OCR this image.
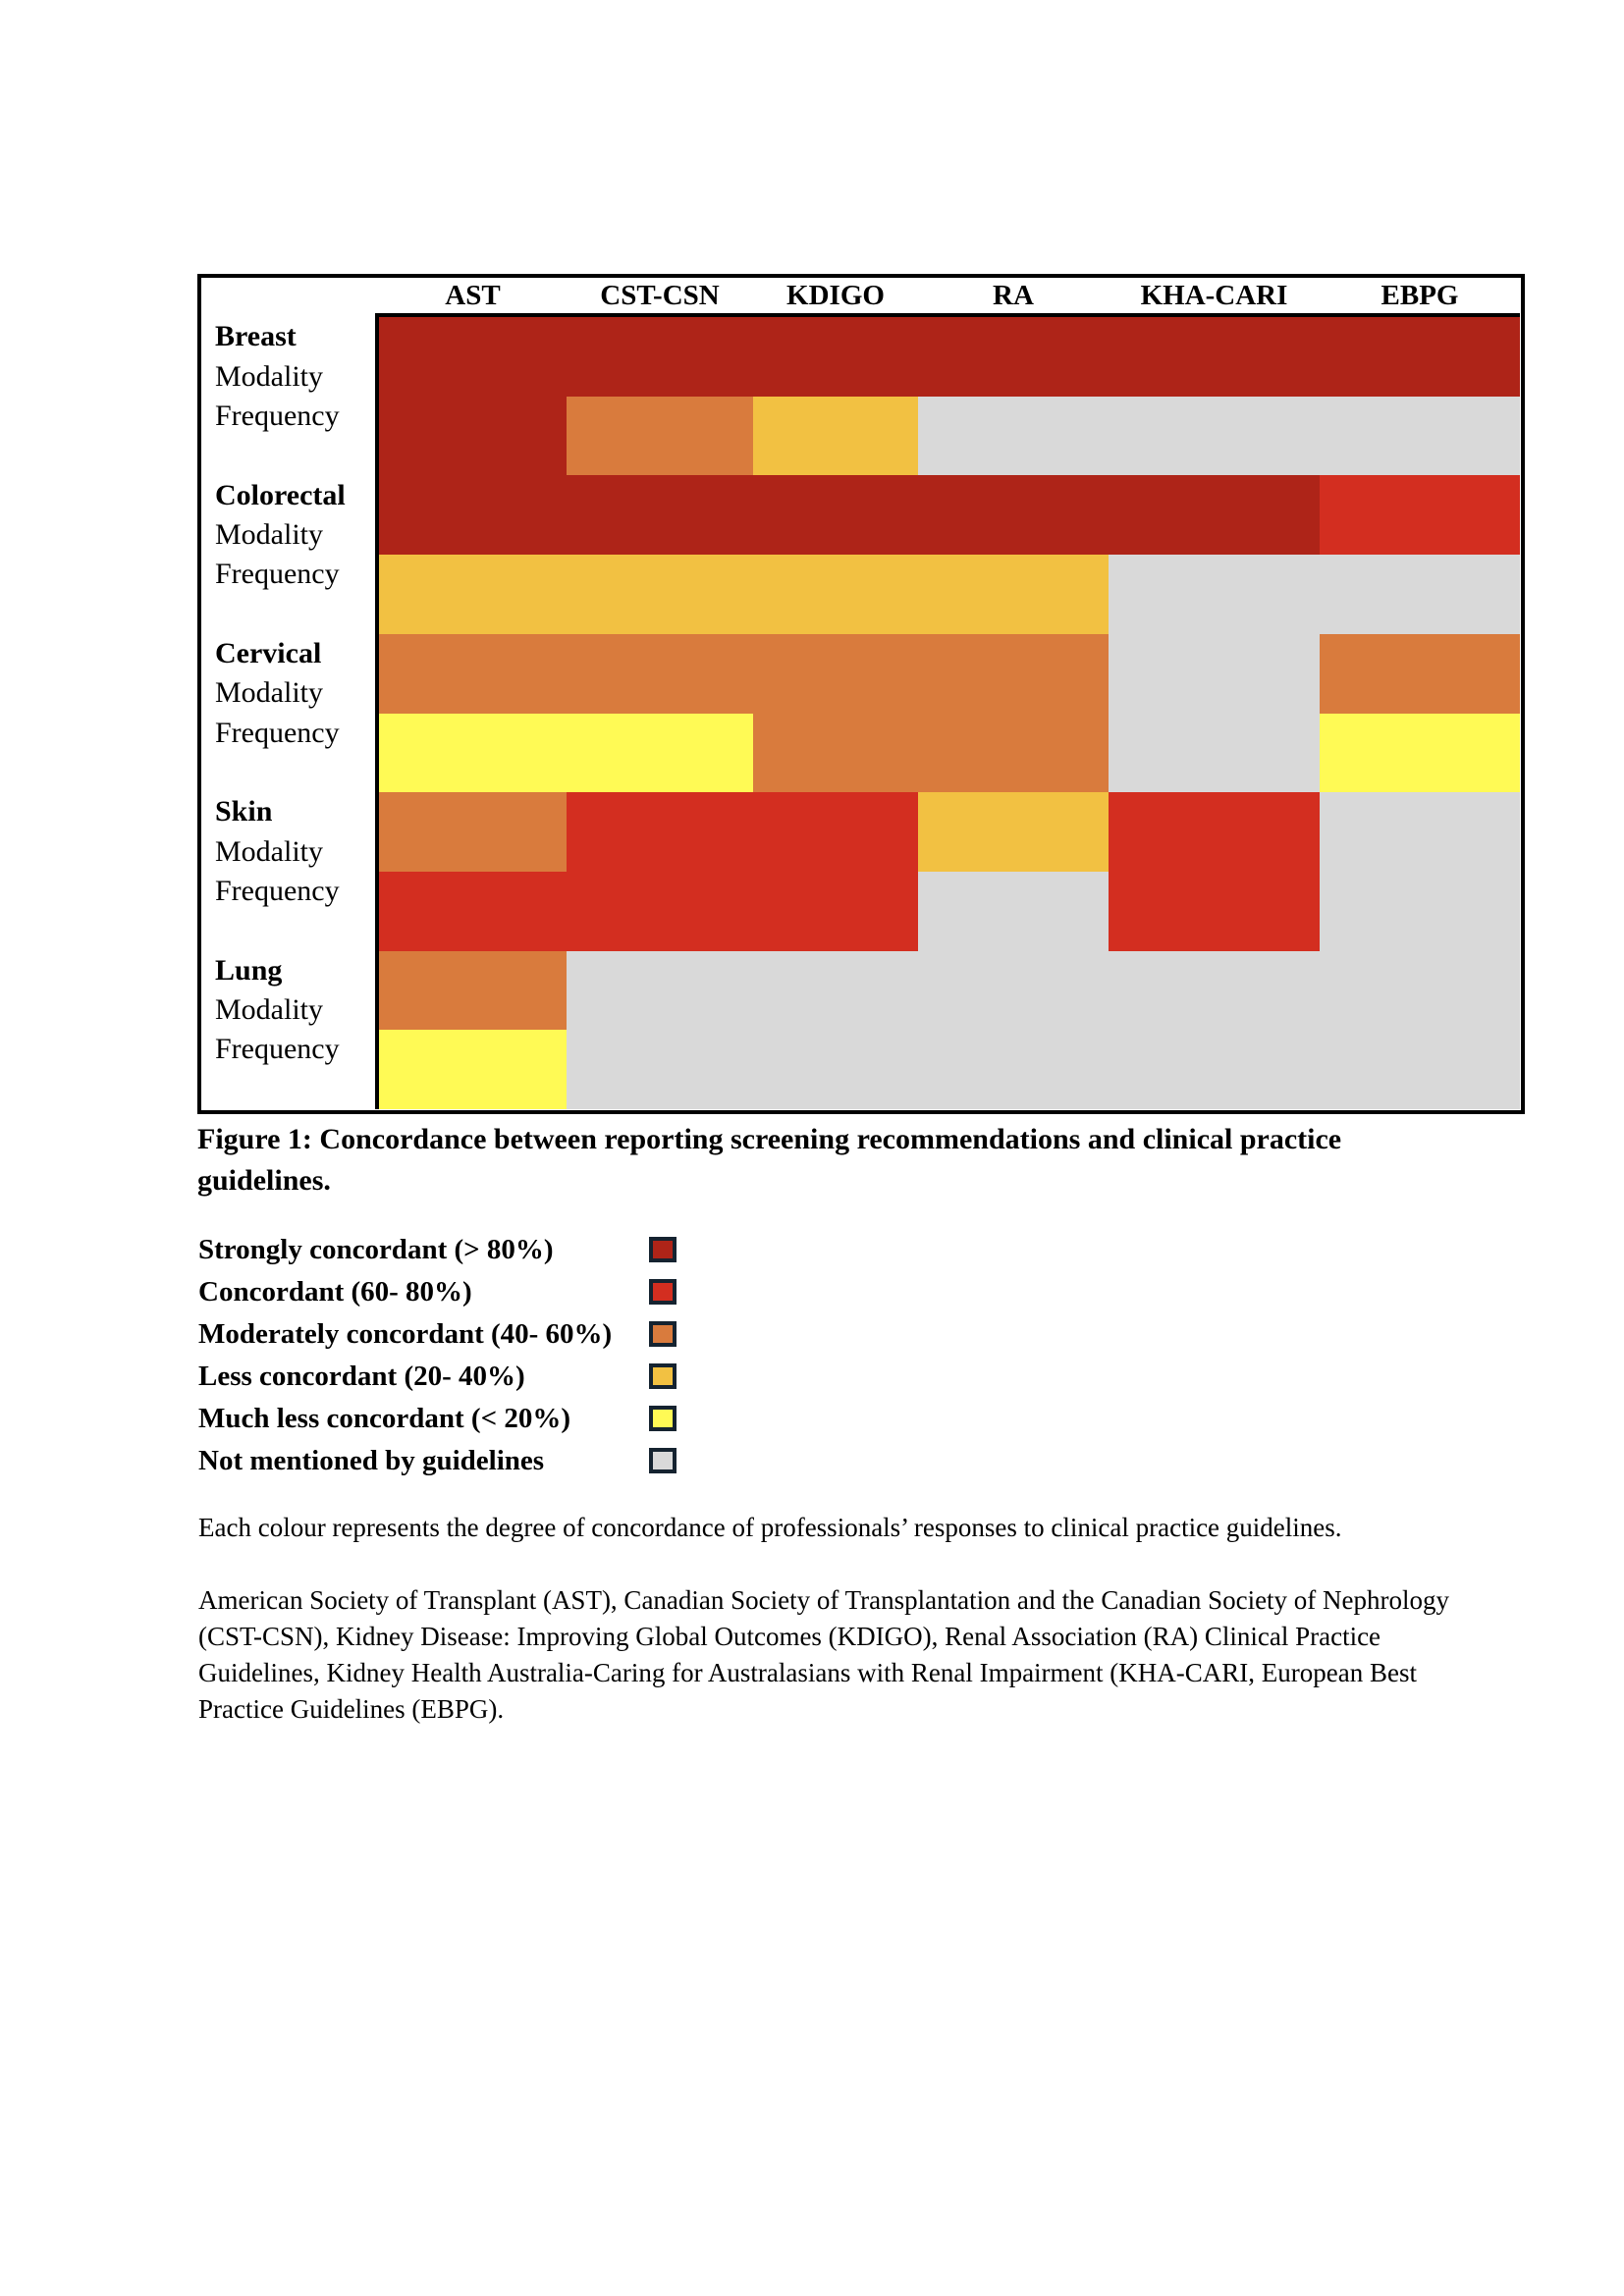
AST	CST-CSN	KDIGO	RA	KHA-CARI	EBPG
Breast
Modality
Frequency
Colorectal
Modality
Frequency
Cervical
Modality
Frequency
Skin
Modality
Frequency
Lung
Modality
Frequency
Figure 1: Concordance between reporting screening recommendations and clinical practice guidelines.
Strongly concordant (> 80%)
Concordant (60- 80%)
Moderately concordant (40- 60%)
Less concordant (20- 40%)
Much less concordant (< 20%)
Not mentioned by guidelines
Each colour represents the degree of concordance of professionals’ responses to clinical practice guidelines.
American Society of Transplant (AST), Canadian Society of Transplantation and the Canadian Society of Nephrology (CST-CSN), Kidney Disease: Improving Global Outcomes (KDIGO), Renal Association (RA) Clinical Practice Guidelines, Kidney Health Australia-Caring for Australasians with Renal Impairment (KHA-CARI, European Best Practice Guidelines (EBPG).
